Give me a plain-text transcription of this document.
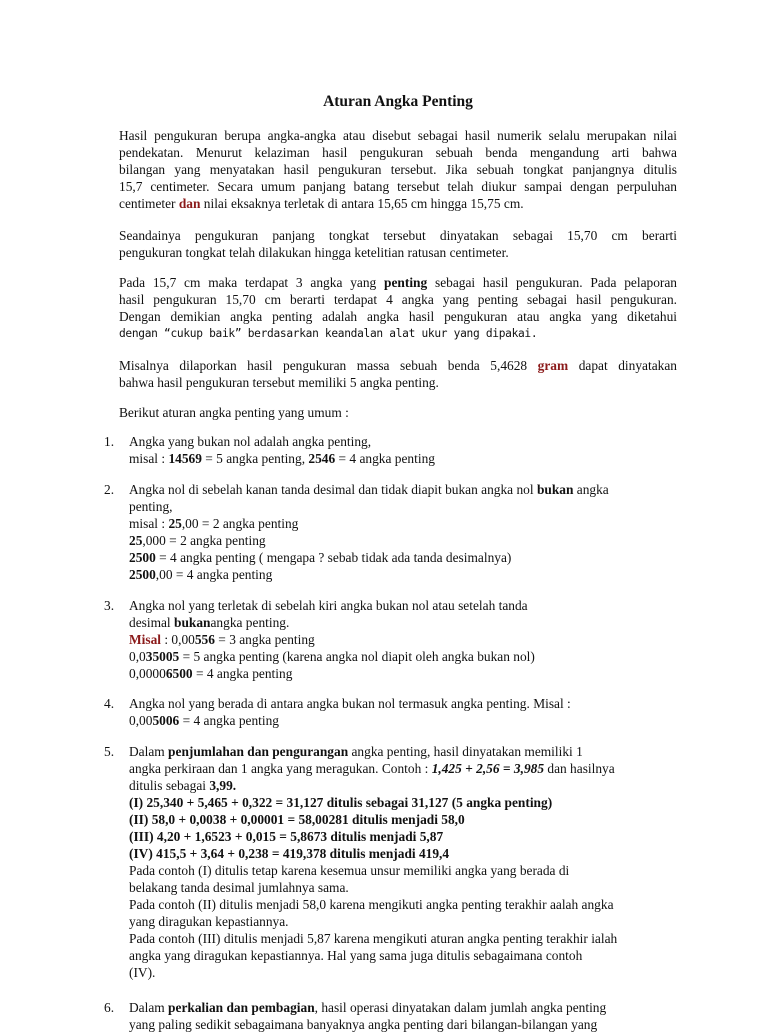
Aturan Angka Penting
Hasil pengukuran berupa angka-angka atau disebut sebagai hasil numerik selalu merupakan nilai
pendekatan. Menurut kelaziman hasil pengukuran sebuah benda mengandung arti bahwa
bilangan yang menyatakan hasil pengukuran tersebut. Jika sebuah tongkat panjangnya ditulis
15,7 centimeter. Secara umum panjang batang tersebut telah diukur sampai dengan perpuluhan
centimeter dan nilai eksaknya terletak di antara 15,65 cm hingga 15,75 cm.
Seandainya pengukuran panjang tongkat tersebut dinyatakan sebagai 15,70 cm berarti
pengukuran tongkat telah dilakukan hingga ketelitian ratusan centimeter.
Pada 15,7 cm maka terdapat 3 angka yang penting sebagai hasil pengukuran. Pada pelaporan
hasil pengukuran 15,70 cm berarti terdapat 4 angka yang penting sebagai hasil pengukuran.
Dengan demikian angka penting adalah angka hasil pengukuran atau angka yang diketahui
dengan “cukup baik” berdasarkan keandalan alat ukur yang dipakai.
Misalnya dilaporkan hasil pengukuran massa sebuah benda 5,4628 gram dapat dinyatakan
bahwa hasil pengukuran tersebut memiliki 5 angka penting.
Berikut aturan angka penting yang umum :
1.	Angka yang bukan nol adalah angka penting,
misal : 14569 = 5 angka penting, 2546 = 4 angka penting
2.	Angka nol di sebelah kanan tanda desimal dan tidak diapit bukan angka nol bukan angka
penting,
misal : 25,00 = 2 angka penting
25,000 = 2 angka penting
2500 = 4 angka penting ( mengapa ? sebab tidak ada tanda desimalnya)
2500,00 = 4 angka penting
3.	Angka nol yang terletak di sebelah kiri angka bukan nol atau setelah tanda
desimal bukanangka penting.
Misal : 0,00556 = 3 angka penting
0,035005 = 5 angka penting (karena angka nol diapit oleh angka bukan nol)
0,00006500 = 4 angka penting
4.	Angka nol yang berada di antara angka bukan nol termasuk angka penting. Misal :
0,005006 = 4 angka penting
5.	Dalam penjumlahan dan pengurangan angka penting, hasil dinyatakan memiliki 1
angka perkiraan dan 1 angka yang meragukan. Contoh : 1,425 + 2,56 = 3,985 dan hasilnya
ditulis sebagai 3,99.
(I) 25,340 + 5,465 + 0,322 = 31,127 ditulis sebagai 31,127 (5 angka penting)
(II) 58,0 + 0,0038 + 0,00001 = 58,00281 ditulis menjadi 58,0
(III) 4,20 + 1,6523 + 0,015 = 5,8673 ditulis menjadi 5,87
(IV) 415,5 + 3,64 + 0,238 = 419,378 ditulis menjadi 419,4
Pada contoh (I) ditulis tetap karena kesemua unsur memiliki angka yang berada di
belakang tanda desimal jumlahnya sama.
Pada contoh (II) ditulis menjadi 58,0 karena mengikuti angka penting terakhir aalah angka
yang diragukan kepastiannya.
Pada contoh (III) ditulis menjadi 5,87 karena mengikuti aturan angka penting terakhir ialah
angka yang diragukan kepastiannya. Hal yang sama juga ditulis sebagaimana contoh
(IV).
6.	Dalam perkalian dan pembagian, hasil operasi dinyatakan dalam jumlah angka penting
yang paling sedikit sebagaimana banyaknya angka penting dari bilangan-bilangan yang
